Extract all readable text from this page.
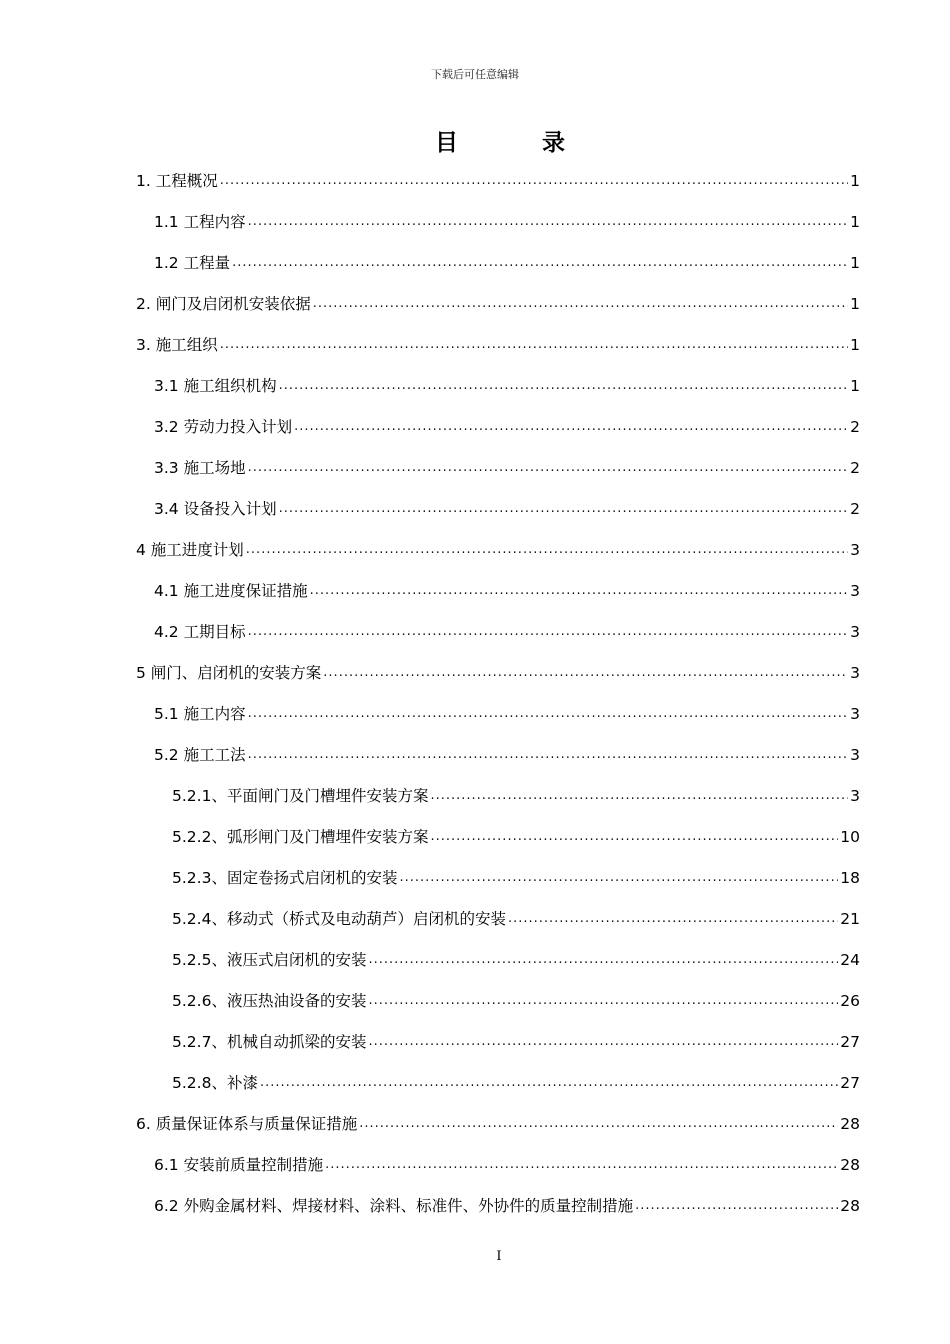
下载后可任意编辑
目 录
1. 工程概况 .....	1
1.1 工程内容 .....	1
1.2 工程量 .....	1
2. 闸门及启闭机安装依据 .....	1
3. 施工组织 .....	1
3.1 施工组织机构 .....	1
3.2 劳动力投入计划 .....	2
3.3 施工场地 .....	2
3.4 设备投入计划 .....	2
4 施工进度计划 .....	3
4.1 施工进度保证措施 .....	3
4.2 工期目标 .....	3
5 闸门、启闭机的安装方案 .....	3
5.1 施工内容 .....	3
5.2 施工工法 .....	3
5.2.1、平面闸门及门槽埋件安装方案 .....	3
5.2.2、弧形闸门及门槽埋件安装方案 .....	10
5.2.3、固定卷扬式启闭机的安装 .....	18
5.2.4、移动式（桥式及电动葫芦）启闭机的安装 .....	21
5.2.5、液压式启闭机的安装 .....	24
5.2.6、液压热油设备的安装 .....	26
5.2.7、机械自动抓梁的安装 .....	27
5.2.8、补漆 .....	27
6. 质量保证体系与质量保证措施 .....	28
6.1 安装前质量控制措施 .....	28
6.2 外购金属材料、焊接材料、涂料、标准件、外协件的质量控制措施 .....	28
I
